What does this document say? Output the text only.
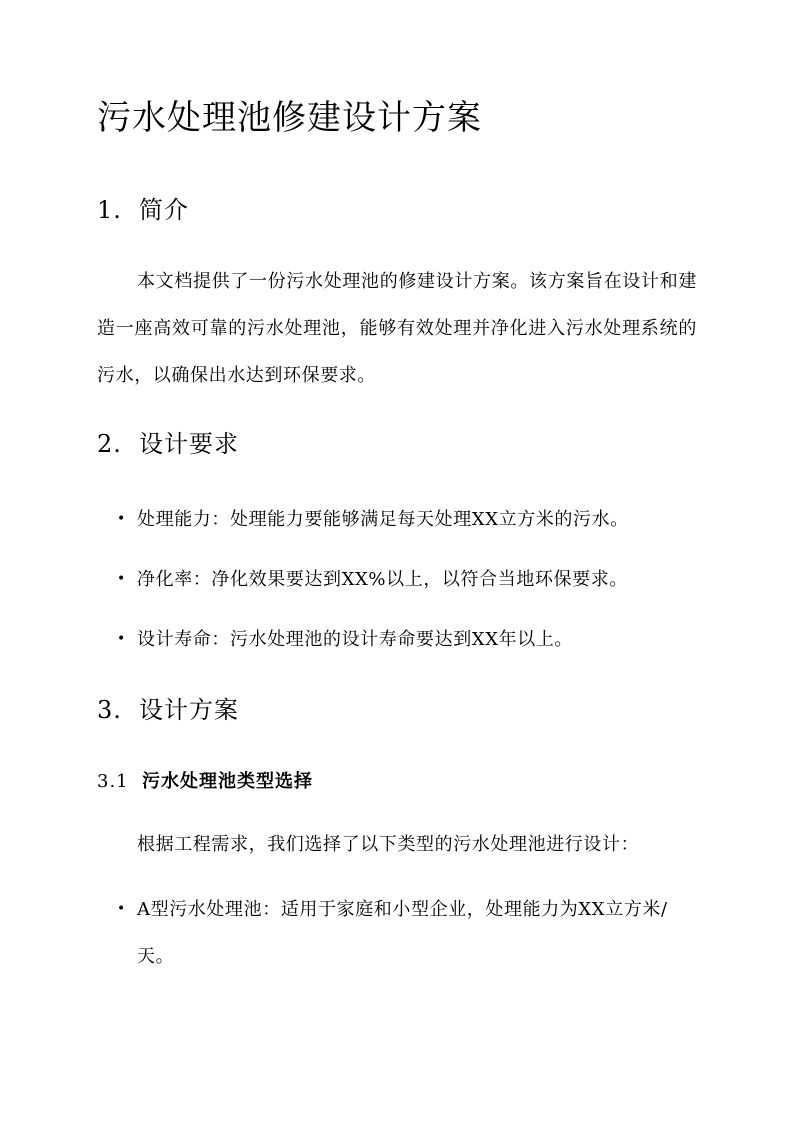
污水处理池修建设计方案
1. 简介

本文档提供了一份污水处理池的修建设计方案。该方案旨在设计和建造一座高效可靠的污水处理池，能够有效处理并净化进入污水处理系统的污水，以确保出水达到环保要求。

2. 设计要求
• 处理能力：处理能力要能够满足每天处理XX立方米的污水。
• 净化率：净化效果要达到XX%以上，以符合当地环保要求。
• 设计寿命：污水处理池的设计寿命要达到XX年以上。
3. 设计方案
3.1 污水处理池类型选择

根据工程需求，我们选择了以下类型的污水处理池进行设计：

• A型污水处理池：适用于家庭和小型企业，处理能力为XX立方米/天。
